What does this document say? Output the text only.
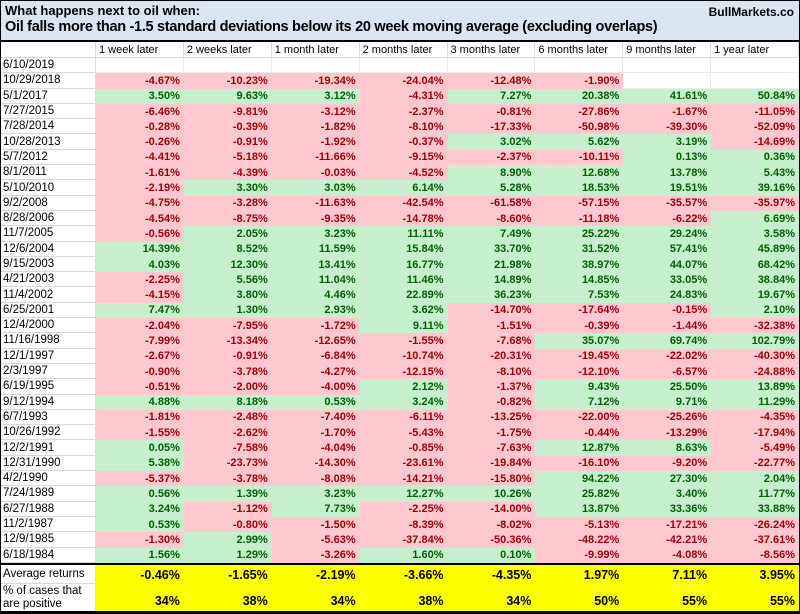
What happens next to oil when:
Oil falls more than -1.5 standard deviations below its 20 week moving average (excluding overlaps)
BullMarkets.co
1 week later	2 weeks later	1 month later	2 months later	3 months later	6 months later	9 months later	1 year later
6/10/2019
10/29/2018	-4.67%	-10.23%	-19.34%	-24.04%	-12.48%	-1.90%
5/1/2017	3.50%	9.63%	3.12%	-4.31%	7.27%	20.38%	41.61%	50.84%
7/27/2015	-6.46%	-9.81%	-3.12%	-2.37%	-0.81%	-27.86%	-1.67%	-11.05%
7/28/2014	-0.28%	-0.39%	-1.82%	-8.10%	-17.33%	-50.98%	-39.30%	-52.09%
10/28/2013	-0.26%	-0.91%	-1.92%	-0.37%	3.02%	5.62%	3.19%	-14.69%
5/7/2012	-4.41%	-5.18%	-11.66%	-9.15%	-2.37%	-10.11%	0.13%	0.36%
8/1/2011	-1.61%	-4.39%	-0.03%	-4.52%	8.90%	12.68%	13.78%	5.43%
5/10/2010	-2.19%	3.30%	3.03%	6.14%	5.28%	18.53%	19.51%	39.16%
9/2/2008	-4.75%	-3.28%	-11.63%	-42.54%	-61.58%	-57.15%	-35.57%	-35.97%
8/28/2006	-4.54%	-8.75%	-9.35%	-14.78%	-8.60%	-11.18%	-6.22%	6.69%
11/7/2005	-0.56%	2.05%	3.23%	11.11%	7.49%	25.22%	29.24%	3.58%
12/6/2004	14.39%	8.52%	11.59%	15.84%	33.70%	31.52%	57.41%	45.89%
9/15/2003	4.03%	12.30%	13.41%	16.77%	21.98%	38.97%	44.07%	68.42%
4/21/2003	-2.25%	5.56%	11.04%	11.46%	14.89%	14.85%	33.05%	38.84%
11/4/2002	-4.15%	3.80%	4.46%	22.89%	36.23%	7.53%	24.83%	19.67%
6/25/2001	7.47%	1.30%	2.93%	3.62%	-14.70%	-17.64%	-0.15%	2.10%
12/4/2000	-2.04%	-7.95%	-1.72%	9.11%	-1.51%	-0.39%	-1.44%	-32.38%
11/16/1998	-7.99%	-13.34%	-12.65%	-1.55%	-7.68%	35.07%	69.74%	102.79%
12/1/1997	-2.67%	-0.91%	-6.84%	-10.74%	-20.31%	-19.45%	-22.02%	-40.30%
2/3/1997	-0.90%	-3.78%	-4.27%	-12.15%	-8.10%	-12.10%	-6.57%	-24.88%
6/19/1995	-0.51%	-2.00%	-4.00%	2.12%	-1.37%	9.43%	25.50%	13.89%
9/12/1994	4.88%	8.18%	0.53%	3.24%	-0.82%	7.12%	9.71%	11.29%
6/7/1993	-1.81%	-2.48%	-7.40%	-6.11%	-13.25%	-22.00%	-25.26%	-4.35%
10/26/1992	-1.55%	-2.62%	-1.70%	-5.43%	-1.75%	-0.44%	-13.29%	-17.94%
12/2/1991	0.05%	-7.58%	-4.04%	-0.85%	-7.63%	12.87%	8.63%	-5.49%
12/31/1990	5.38%	-23.73%	-14.30%	-23.61%	-19.84%	-16.10%	-9.20%	-22.77%
4/2/1990	-5.37%	-3.78%	-8.08%	-14.21%	-15.80%	94.22%	27.30%	2.04%
7/24/1989	0.56%	1.39%	3.23%	12.27%	10.26%	25.82%	3.40%	11.77%
6/27/1988	3.24%	-1.12%	7.73%	-2.25%	-14.00%	13.87%	33.36%	33.88%
11/2/1987	0.53%	-0.80%	-1.50%	-8.39%	-8.02%	-5.13%	-17.21%	-26.24%
12/9/1985	-1.30%	2.99%	-5.63%	-37.84%	-50.36%	-48.22%	-42.21%	-37.61%
6/18/1984	1.56%	1.29%	-3.26%	1.60%	0.10%	-9.99%	-4.08%	-8.56%
Average returns	-0.46%	-1.65%	-2.19%	-3.66%	-4.35%	1.97%	7.11%	3.95%
% of cases that are positive	34%	38%	34%	38%	34%	50%	55%	55%
